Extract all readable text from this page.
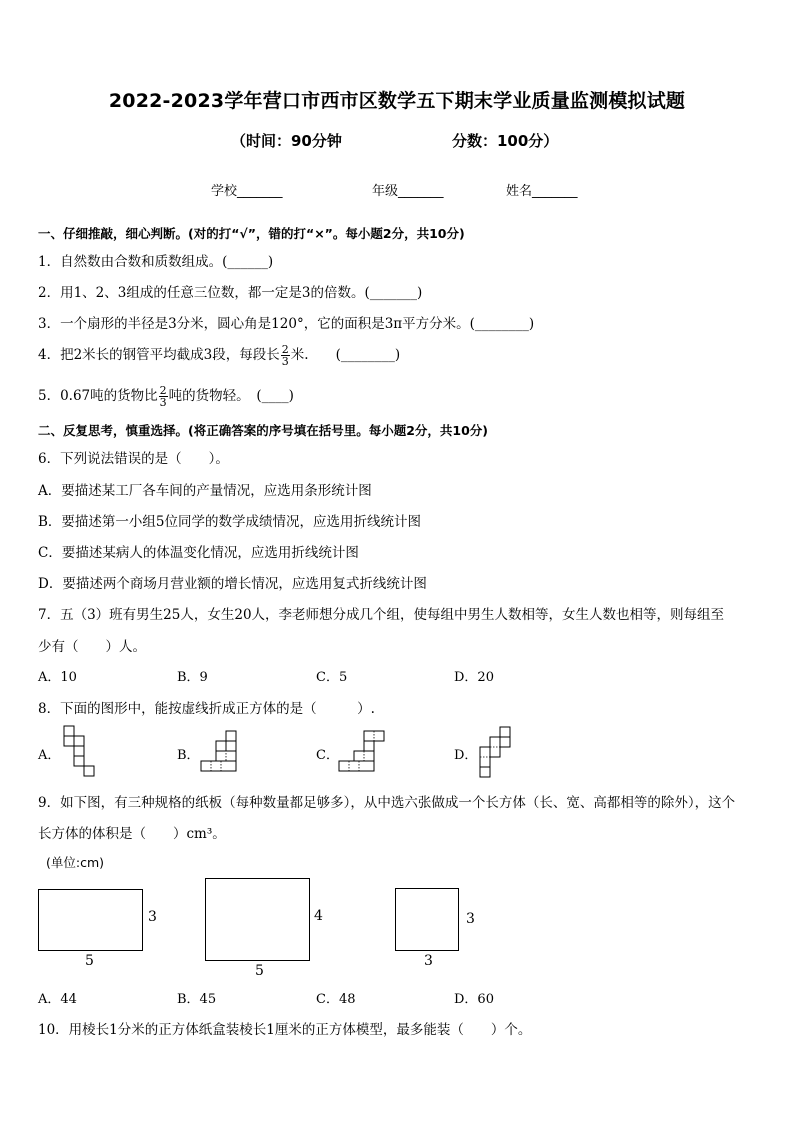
2022-2023学年营口市西市区数学五下期末学业质量监测模拟试题
（时间：90分钟	分数：100分）
学校_______	年级_______	姓名_______
一、仔细推敲，细心判断。(对的打“√”，错的打“×”。每小题2分，共10分)
1．自然数由合数和质数组成。(______)
2．用1、2、3组成的任意三位数，都一定是3的倍数。(_______)
3．一个扇形的半径是3分米，圆心角是120°，它的面积是3π平方分米。(________)
4．把2米长的钢管平均截成3段，每段长 $\frac{2}{3}$ 米.　　(________)
5．0.67吨的货物比 $\frac{2}{3}$ 吨的货物轻。　(____)
二、反复思考，慎重选择。(将正确答案的序号填在括号里。每小题2分，共10分)
6．下列说法错误的是（　　）。
A．要描述某工厂各车间的产量情况，应选用条形统计图
B．要描述第一小组5位同学的数学成绩情况，应选用折线统计图
C．要描述某病人的体温变化情况，应选用折线统计图
D．要描述两个商场月营业额的增长情况，应选用复式折线统计图
7．五（3）班有男生25人，女生20人，李老师想分成几个组，使每组中男生人数相等，女生人数也相等，则每组至
少有（　　）人。
A．10	B．9	C．5	D．20
8．下面的图形中，能按虚线折成正方体的是（　　　）.
A．	B．	C．	D．
9．如下图，有三种规格的纸板（每种数量都足够多），从中选六张做成一个长方体（长、宽、高都相等的除外），这个
长方体的体积是（　　）cm³。
(单位:cm)
3
5
4
5
3
3
A．44	B．45	C．48	D．60
10．用棱长1分米的正方体纸盒装棱长1厘米的正方体模型，最多能装（　　）个。
